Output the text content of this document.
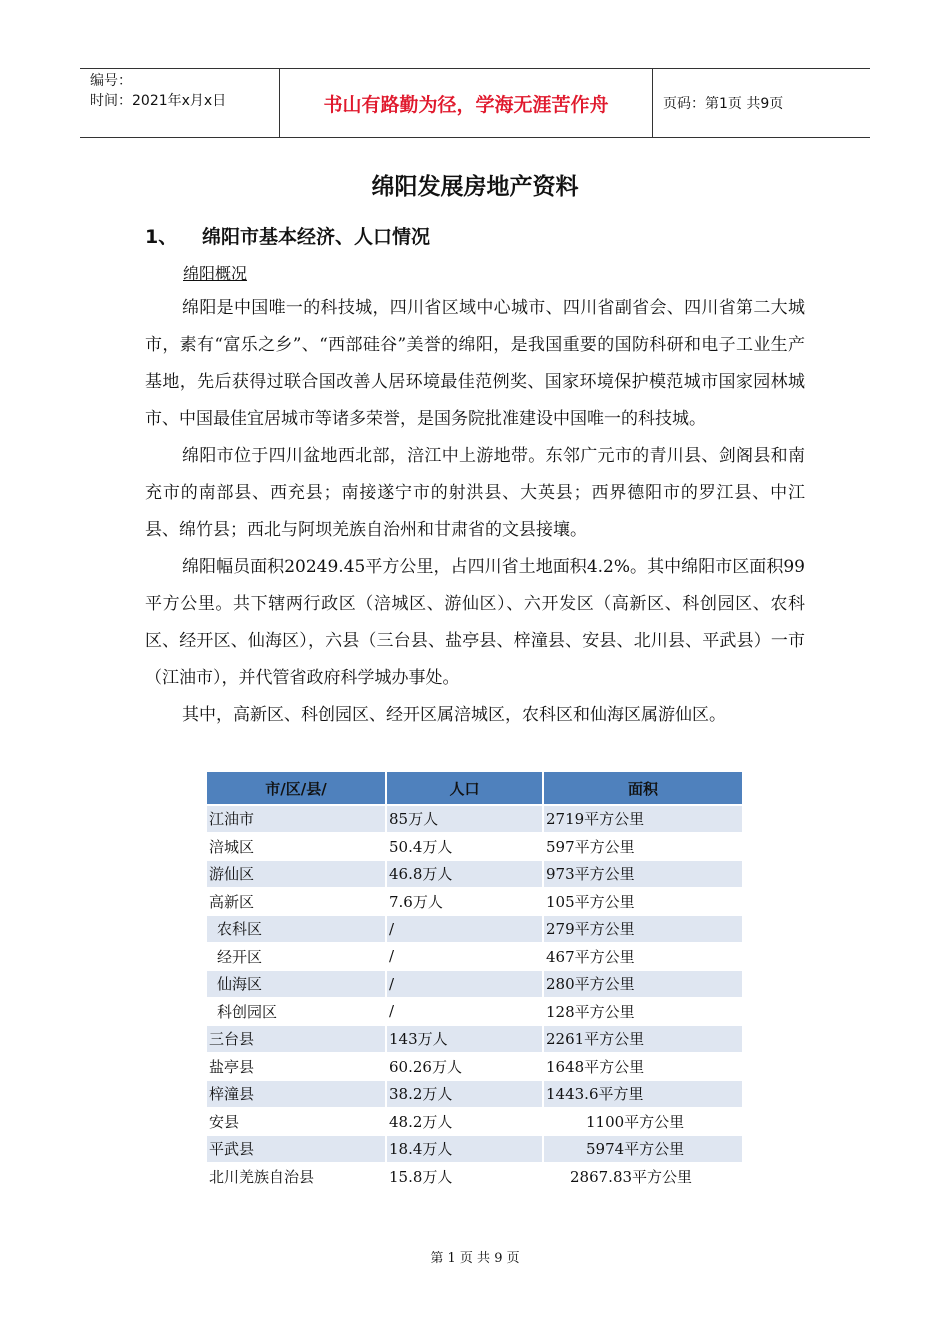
编号：
时间：2021年x月x日	书山有路勤为径，学海无涯苦作舟	页码：第1页 共9页
绵阳发展房地产资料
1、	绵阳市基本经济、人口情况
绵阳概况

绵阳是中国唯一的科技城，四川省区域中心城市、四川省副省会、四川省第二大城市，素有“富乐之乡”、“西部硅谷”美誉的绵阳，是我国重要的国防科研和电子工业生产基地，先后获得过联合国改善人居环境最佳范例奖、国家环境保护模范城市国家园林城市、中国最佳宜居城市等诸多荣誉，是国务院批准建设中国唯一的科技城。

绵阳市位于四川盆地西北部，涪江中上游地带。东邻广元市的青川县、剑阁县和南充市的南部县、西充县；南接遂宁市的射洪县、大英县；西界德阳市的罗江县、中江县、绵竹县；西北与阿坝羌族自治州和甘肃省的文县接壤。

绵阳幅员面积20249.45平方公里，占四川省土地面积4.2%。其中绵阳市区面积99平方公里。共下辖两行政区（涪城区、游仙区）、六开发区（高新区、科创园区、农科区、经开区、仙海区），六县（三台县、盐亭县、梓潼县、安县、北川县、平武县）一市（江油市），并代管省政府科学城办事处。

其中，高新区、科创园区、经开区属涪城区，农科区和仙海区属游仙区。

市/区/县/	人口	面积
江油市	85万人	2719平方公里
涪城区	50.4万人	597平方公里
游仙区	46.8万人	973平方公里
高新区	7.6万人	105平方公里
农科区	/	279平方公里
经开区	/	467平方公里
仙海区	/	280平方公里
科创园区	/	128平方公里
三台县	143万人	2261平方公里
盐亭县	60.26万人	1648平方公里
梓潼县	38.2万人	1443.6平方里
安县	48.2万人	1100平方公里
平武县	18.4万人	5974平方公里
北川羌族自治县	15.8万人	2867.83平方公里
第 1 页 共 9 页
